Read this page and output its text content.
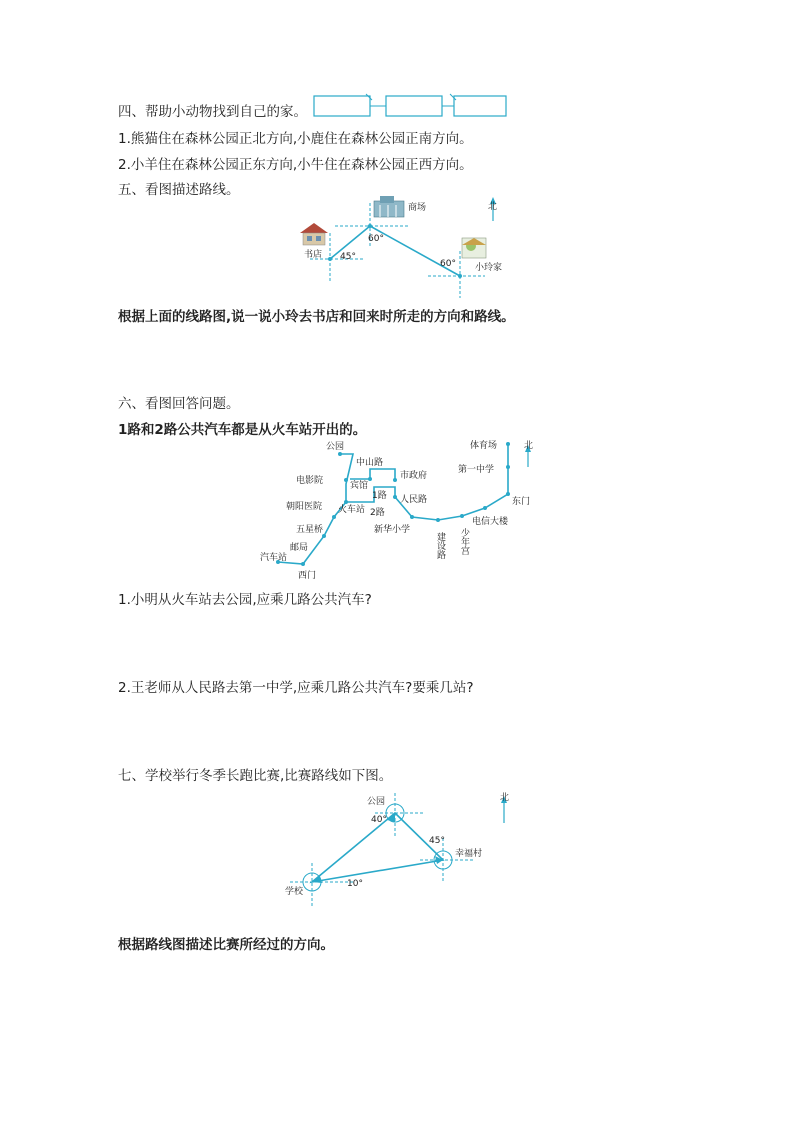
四、帮助小动物找到自己的家。
1.熊猫住在森林公园正北方向,小鹿住在森林公园正南方向。
2.小羊住在森林公园正东方向,小牛住在森林公园正西方向。
五、看图描述路线。
北
商场
书店
小玲家
45°
60°
60°
根据上面的线路图,说一说小玲去书店和回来时所走的方向和路线。
六、看图回答问题。
1路和2路公共汽车都是从火车站开出的。
北
公园
电影院	宾馆
中山路
市政府
1路
2路
朝阳医院 火车站
人民路
新华小学
建设路 少年宫
电信大楼
东门
体育场
第一中学
五星桥
邮局
汽车站
西门
1.小明从火车站去公园,应乘几路公共汽车?
2.王老师从人民路去第一中学,应乘几路公共汽车?要乘几站?
七、学校举行冬季长跑比赛,比赛路线如下图。
北
公园
学校
幸福村
40°
45°
10°
根据路线图描述比赛所经过的方向。
